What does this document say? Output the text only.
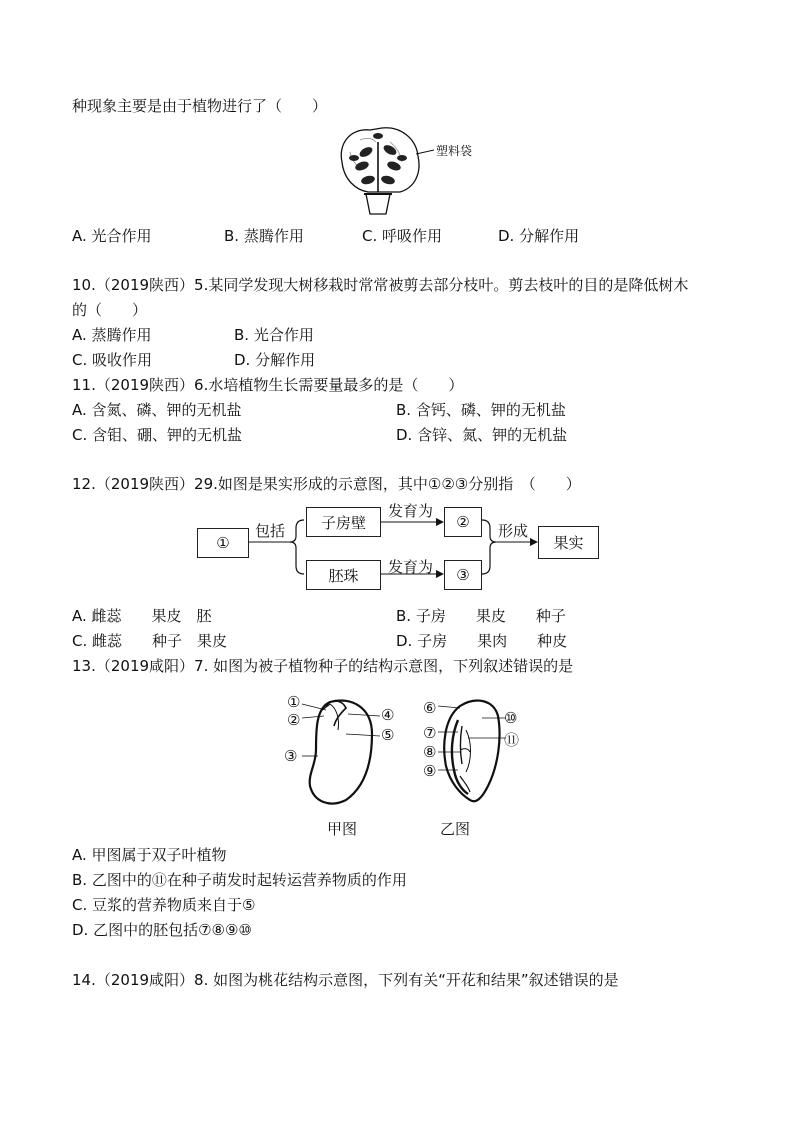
种现象主要是由于植物进行了（　　）
塑料袋
A. 光合作用	B. 蒸腾作用	C. 呼吸作用	D. 分解作用
10.（2019陕西）5.某同学发现大树移栽时常常被剪去部分枝叶。剪去枝叶的目的是降低树木
的（　　）
A. 蒸腾作用	B. 光合作用
C. 吸收作用	D. 分解作用
11.（2019陕西）6.水培植物生长需要量最多的是（　　）
A. 含氮、磷、钾的无机盐	B. 含钙、磷、钾的无机盐
C. 含钼、硼、钾的无机盐	D. 含锌、氮、钾的无机盐
12.（2019陕西）29.如图是果实形成的示意图，其中①②③分别指　（　　）
①
包括	子房壁
胚珠
发育为
发育为
②
③
形成
果实
A. 雌蕊　　果皮　胚	B. 子房　　果皮　　种子
C. 雌蕊　　种子　果皮	D. 子房　　果肉　　种皮
13.（2019咸阳）7. 如图为被子植物种子的结构示意图，下列叙述错误的是
①
②
③
④
⑤
⑥
⑦
⑧
⑨
⑩
⑪
甲图	乙图
A. 甲图属于双子叶植物
B. 乙图中的⑪在种子萌发时起转运营养物质的作用
C. 豆浆的营养物质来自于⑤
D. 乙图中的胚包括⑦⑧⑨⑩
14.（2019咸阳）8. 如图为桃花结构示意图，下列有关“开花和结果”叙述错误的是
